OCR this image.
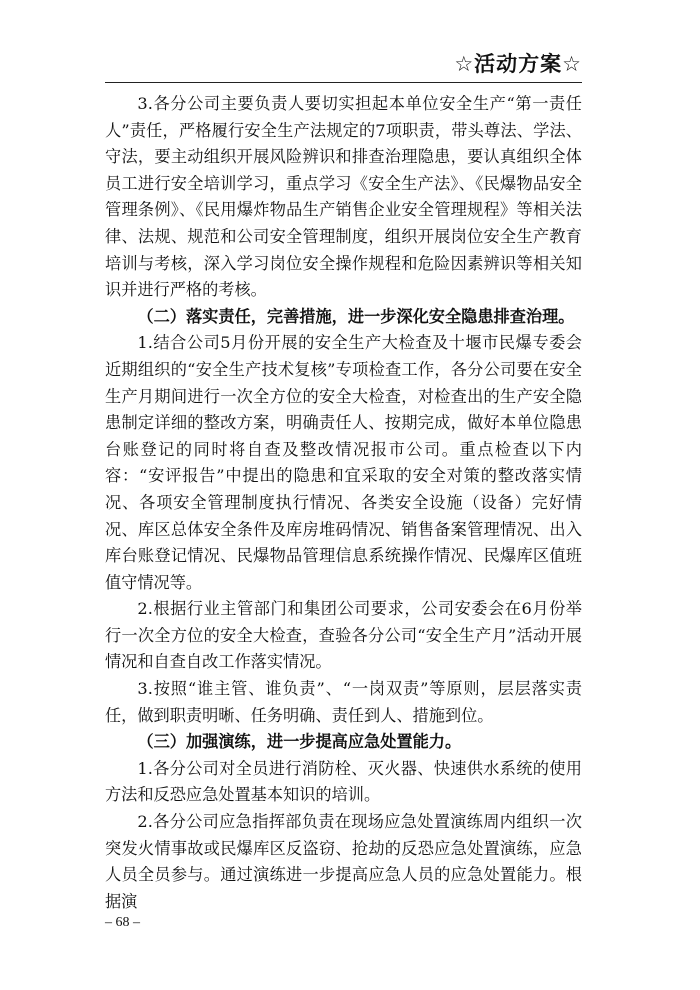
☆活动方案☆

3.各分公司主要负责人要切实担起本单位安全生产“第一责任人”责任，严格履行安全生产法规定的7项职责，带头尊法、学法、守法，要主动组织开展风险辨识和排查治理隐患，要认真组织全体员工进行安全培训学习，重点学习《安全生产法》、《民爆物品安全管理条例》、《民用爆炸物品生产销售企业安全管理规程》等相关法律、法规、规范和公司安全管理制度，组织开展岗位安全生产教育培训与考核，深入学习岗位安全操作规程和危险因素辨识等相关知识并进行严格的考核。

（二）落实责任，完善措施，进一步深化安全隐患排查治理。

1.结合公司5月份开展的安全生产大检查及十堰市民爆专委会近期组织的“安全生产技术复核”专项检查工作，各分公司要在安全生产月期间进行一次全方位的安全大检查，对检查出的生产安全隐患制定详细的整改方案，明确责任人、按期完成，做好本单位隐患台账登记的同时将自查及整改情况报市公司。重点检查以下内容：“安评报告”中提出的隐患和宜采取的安全对策的整改落实情况、各项安全管理制度执行情况、各类安全设施（设备）完好情况、库区总体安全条件及库房堆码情况、销售备案管理情况、出入库台账登记情况、民爆物品管理信息系统操作情况、民爆库区值班值守情况等。

2.根据行业主管部门和集团公司要求，公司安委会在6月份举行一次全方位的安全大检查，查验各分公司“安全生产月”活动开展情况和自查自改工作落实情况。

3.按照“谁主管、谁负责”、“一岗双责”等原则，层层落实责任，做到职责明晰、任务明确、责任到人、措施到位。

（三）加强演练，进一步提高应急处置能力。

1.各分公司对全员进行消防栓、灭火器、快速供水系统的使用方法和反恐应急处置基本知识的培训。

2.各分公司应急指挥部负责在现场应急处置演练周内组织一次突发火情事故或民爆库区反盗窃、抢劫的反恐应急处置演练，应急人员全员参与。通过演练进一步提高应急人员的应急处置能力。根据演

– 68 –
